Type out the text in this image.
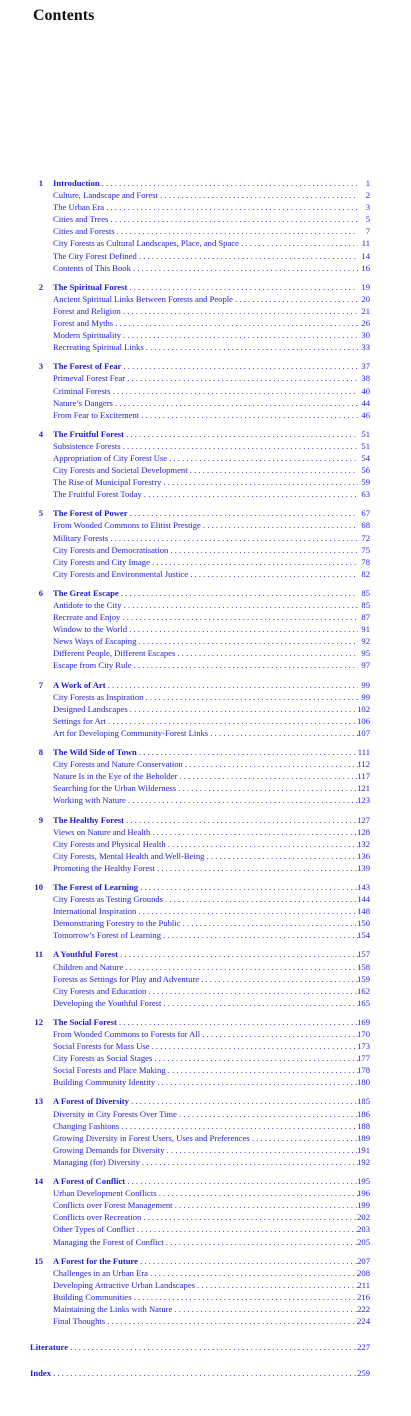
Contents
1 Introduction . . .	1
Culture, Landscape and Forest . . .	2
The Urban Era . . .	3
Cities and Trees . . .	5
Cities and Forests . . .	7
City Forests as Cultural Landscapes, Place, and Space . . .	11
The City Forest Defined . . .	14
Contents of This Book . . .	16
2 The Spiritual Forest . . .	19
Ancient Spiritual Links Between Forests and People . . .	20
Forest and Religion . . .	21
Forest and Myths . . .	26
Modern Spirituality . . .	30
Recreating Spiritual Links . . .	33
3 The Forest of Fear . . .	37
Primeval Forest Fear . . .	38
Criminal Forests . . .	40
Nature’s Dangers . . .	44
From Fear to Excitement . . .	46
4 The Fruitful Forest . . .	51
Subsistence Forests . . .	51
Appropriation of City Forest Use . . .	54
City Forests and Societal Development . . .	56
The Rise of Municipal Forestry . . .	59
The Fruitful Forest Today . . .	63
5 The Forest of Power . . .	67
From Wooded Commons to Elitist Prestige . . .	68
Military Forests . . .	72
City Forests and Democratisation . . .	75
City Forests and City Image . . .	78
City Forests and Environmental Justice . . .	82
6 The Great Escape . . .	85
Antidote to the City . . .	85
Recreate and Enjoy . . .	87
Window to the World . . .	91
News Ways of Escaping . . .	92
Different People, Different Escapes . . .	95
Escape from City Rule . . .	97
7 A Work of Art . . .	99
City Forests as Inspiration . . .	99
Designed Landscapes . . .	102
Settings for Art . . .	106
Art for Developing Community-Forest Links . . .	107
8 The Wild Side of Town . . .	111
City Forests and Nature Conservation . . .	112
Nature Is in the Eye of the Beholder . . .	117
Searching for the Urban Wilderness . . .	121
Working with Nature . . .	123
9 The Healthy Forest . . .	127
Views on Nature and Health . . .	128
City Forests and Physical Health . . .	132
City Forests, Mental Health and Well-Being . . .	136
Promoting the Healthy Forest . . .	139
10 The Forest of Learning . . .	143
City Forests as Testing Grounds . . .	144
International Inspiration . . .	148
Demonstrating Forestry to the Public . . .	150
Tomorrow’s Forest of Learning . . .	154
11 A Youthful Forest . . .	157
Children and Nature . . .	158
Forests as Settings for Play and Adventure . . .	159
City Forests and Education . . .	162
Developing the Youthful Forest . . .	165
12 The Social Forest . . .	169
From Wooded Commons to Forests for All . . .	170
Social Forests for Mass Use . . .	173
City Forests as Social Stages . . .	177
Social Forests and Place Making . . .	178
Building Community Identity . . .	180
13 A Forest of Diversity . . .	185
Diversity in City Forests Over Time . . .	186
Changing Fashions . . .	188
Growing Diversity in Forest Users, Uses and Preferences . . .	189
Growing Demands for Diversity . . .	191
Managing (for) Diversity . . .	192
14 A Forest of Conflict . . .	195
Urban Development Conflicts . . .	196
Conflicts over Forest Management . . .	199
Conflicts over Recreation . . .	202
Other Types of Conflict . . .	203
Managing the Forest of Conflict . . .	205
15 A Forest for the Future . . .	207
Challenges in an Urban Era . . .	208
Developing Attractive Urban Landscapes . . .	211
Building Communities . . .	216
Maintaining the Links with Nature . . .	222
Final Thoughts . . .	224
Literature . . .	227
Index . . .	259
